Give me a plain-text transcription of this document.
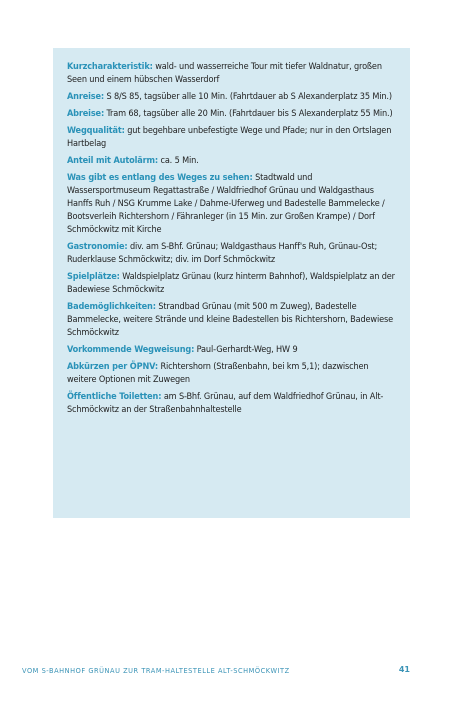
Kurzcharakteristik: wald- und wasserreiche Tour mit tiefer Waldnatur, großen Seen und einem hübschen Wasserdorf

Anreise: S 8/S 85, tagsüber alle 10 Min. (Fahrtdauer ab S Alexanderplatz 35 Min.)

Abreise: Tram 68, tagsüber alle 20 Min. (Fahrtdauer bis S Alexanderplatz 55 Min.)

Wegqualität: gut begehbare unbefestigte Wege und Pfade; nur in den Ortslagen Hartbelag

Anteil mit Autolärm: ca. 5 Min.

Was gibt es entlang des Weges zu sehen: Stadtwald und Wassersportmuseum Regattastraße / Waldfriedhof Grünau und Waldgasthaus Hanffs Ruh / NSG Krumme Lake / Dahme-Uferweg und Badestelle Bammelecke / Bootsverleih Richtershorn / Fähranleger (in 15 Min. zur Großen Krampe) / Dorf Schmöckwitz mit Kirche

Gastronomie: div. am S-Bhf. Grünau; Waldgasthaus Hanff's Ruh, Grünau-Ost; Ruderklause Schmöckwitz; div. im Dorf Schmöckwitz

Spielplätze: Waldspielplatz Grünau (kurz hinterm Bahnhof), Waldspielplatz an der Badewiese Schmöckwitz

Bademöglichkeiten: Strandbad Grünau (mit 500 m Zuweg), Badestelle Bammelecke, weitere Strände und kleine Badestellen bis Richtershorn, Badewiese Schmöckwitz

Vorkommende Wegweisung: Paul-Gerhardt-Weg, HW 9

Abkürzen per ÖPNV: Richtershorn (Straßenbahn, bei km 5,1); dazwischen weitere Optionen mit Zuwegen

Öffentliche Toiletten: am S-Bhf. Grünau, auf dem Waldfriedhof Grünau, in Alt-Schmöckwitz an der Straßenbahnhaltestelle

VOM S-BAHNHOF GRÜNAU ZUR TRAM-HALTESTELLE ALT-SCHMÖCKWITZ	41
